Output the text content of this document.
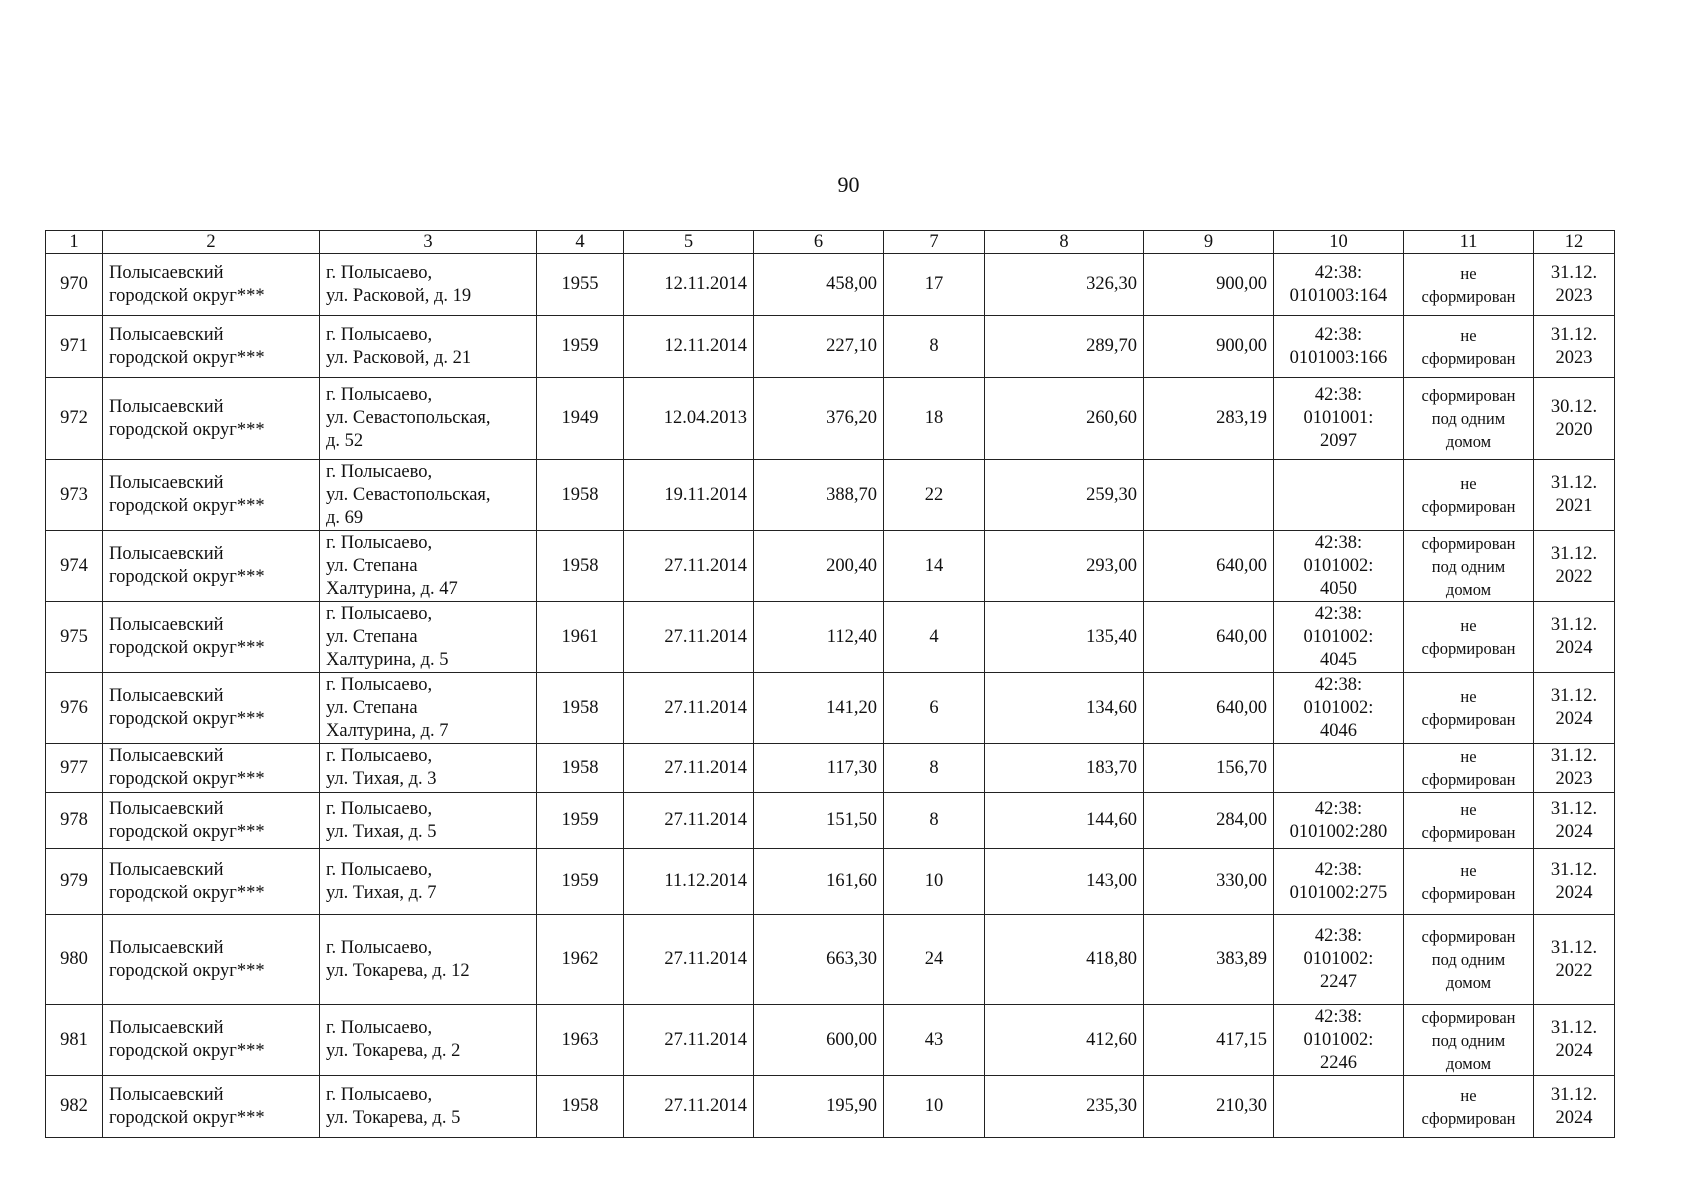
90
1	2	3	4	5	6	7	8	9	10	11	12
970	Полысаевский
городской округ***	г. Полысаево,
ул. Расковой, д. 19	1955	12.11.2014	458,00	17	326,30	900,00	42:38:
0101003:164	не
сформирован	31.12.
2023
971	Полысаевский
городской округ***	г. Полысаево,
ул. Расковой, д. 21	1959	12.11.2014	227,10	8	289,70	900,00	42:38:
0101003:166	не
сформирован	31.12.
2023
972	Полысаевский
городской округ***	г. Полысаево,
ул. Севастопольская,
д. 52	1949	12.04.2013	376,20	18	260,60	283,19	42:38:
0101001:
2097	сформирован
под одним
домом	30.12.
2020
973	Полысаевский
городской округ***	г. Полысаево,
ул. Севастопольская,
д. 69	1958	19.11.2014	388,70	22	259,30			не
сформирован	31.12.
2021
974	Полысаевский
городской округ***	г. Полысаево,
ул. Степана
Халтурина, д. 47	1958	27.11.2014	200,40	14	293,00	640,00	42:38:
0101002:
4050	сформирован
под одним
домом	31.12.
2022
975	Полысаевский
городской округ***	г. Полысаево,
ул. Степана
Халтурина, д. 5	1961	27.11.2014	112,40	4	135,40	640,00	42:38:
0101002:
4045	не
сформирован	31.12.
2024
976	Полысаевский
городской округ***	г. Полысаево,
ул. Степана
Халтурина, д. 7	1958	27.11.2014	141,20	6	134,60	640,00	42:38:
0101002:
4046	не
сформирован	31.12.
2024
977	Полысаевский
городской округ***	г. Полысаево,
ул. Тихая, д. 3	1958	27.11.2014	117,30	8	183,70	156,70		не
сформирован	31.12.
2023
978	Полысаевский
городской округ***	г. Полысаево,
ул. Тихая, д. 5	1959	27.11.2014	151,50	8	144,60	284,00	42:38:
0101002:280	не
сформирован	31.12.
2024
979	Полысаевский
городской округ***	г. Полысаево,
ул. Тихая, д. 7	1959	11.12.2014	161,60	10	143,00	330,00	42:38:
0101002:275	не
сформирован	31.12.
2024
980	Полысаевский
городской округ***	г. Полысаево,
ул. Токарева, д. 12	1962	27.11.2014	663,30	24	418,80	383,89	42:38:
0101002:
2247	сформирован
под одним
домом	31.12.
2022
981	Полысаевский
городской округ***	г. Полысаево,
ул. Токарева, д. 2	1963	27.11.2014	600,00	43	412,60	417,15	42:38:
0101002:
2246	сформирован
под одним
домом	31.12.
2024
982	Полысаевский
городской округ***	г. Полысаево,
ул. Токарева, д. 5	1958	27.11.2014	195,90	10	235,30	210,30		не
сформирован	31.12.
2024
